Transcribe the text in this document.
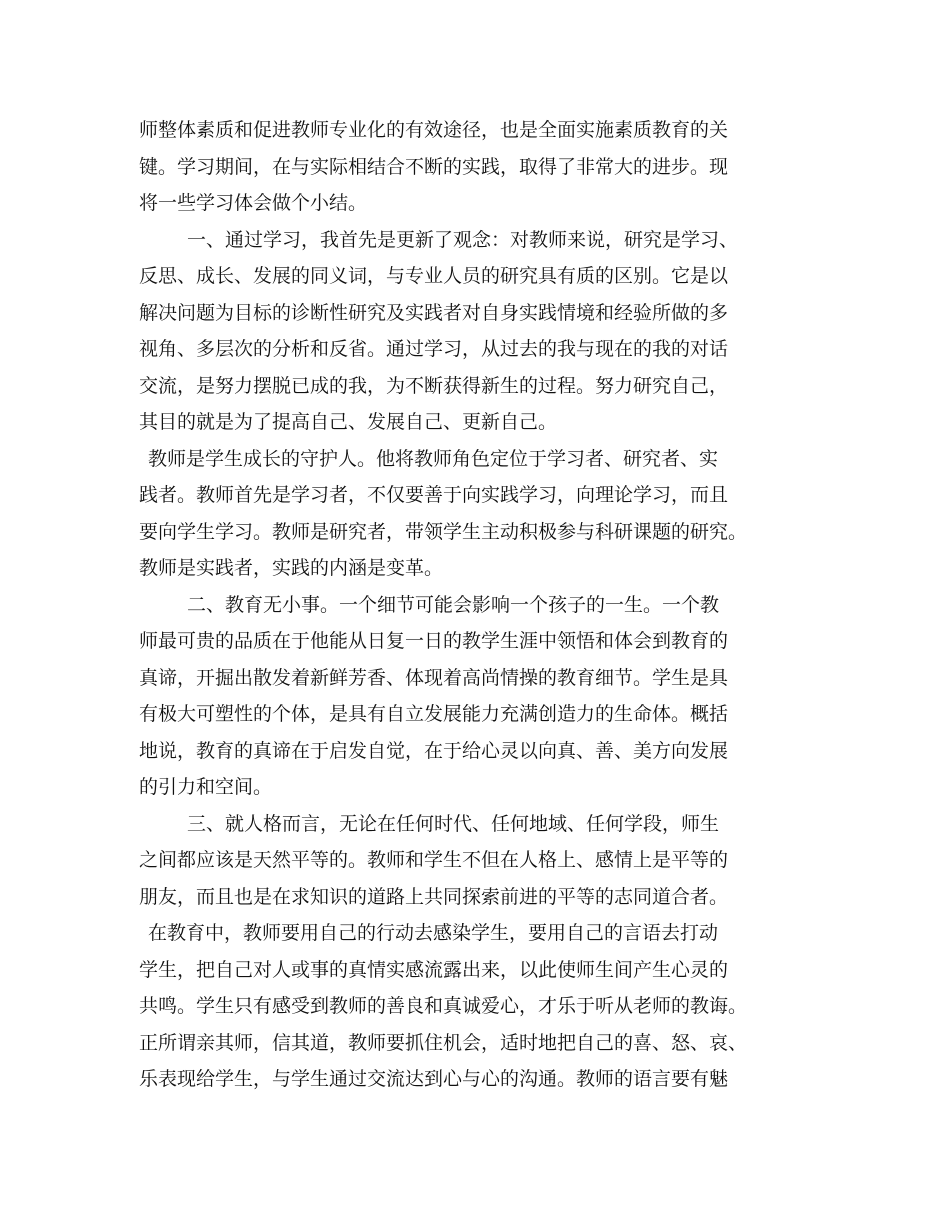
师整体素质和促进教师专业化的有效途径，也是全面实施素质教育的关
键。学习期间，在与实际相结合不断的实践，取得了非常大的进步。现
将一些学习体会做个小结。
一、通过学习，我首先是更新了观念：对教师来说，研究是学习、
反思、成长、发展的同义词，与专业人员的研究具有质的区别。它是以
解决问题为目标的诊断性研究及实践者对自身实践情境和经验所做的多
视角、多层次的分析和反省。通过学习，从过去的我与现在的我的对话
交流，是努力摆脱已成的我，为不断获得新生的过程。努力研究自己，
其目的就是为了提高自己、发展自己、更新自己。
教师是学生成长的守护人。他将教师角色定位于学习者、研究者、实
践者。教师首先是学习者，不仅要善于向实践学习，向理论学习，而且
要向学生学习。教师是研究者，带领学生主动积极参与科研课题的研究。
教师是实践者，实践的内涵是变革。
二、教育无小事。一个细节可能会影响一个孩子的一生。一个教
师最可贵的品质在于他能从日复一日的教学生涯中领悟和体会到教育的
真谛，开掘出散发着新鲜芳香、体现着高尚情操的教育细节。学生是具
有极大可塑性的个体，是具有自立发展能力充满创造力的生命体。概括
地说，教育的真谛在于启发自觉，在于给心灵以向真、善、美方向发展
的引力和空间。
三、就人格而言，无论在任何时代、任何地域、任何学段，师生
之间都应该是天然平等的。教师和学生不但在人格上、感情上是平等的
朋友，而且也是在求知识的道路上共同探索前进的平等的志同道合者。
在教育中，教师要用自己的行动去感染学生，要用自己的言语去打动
学生，把自己对人或事的真情实感流露出来，以此使师生间产生心灵的
共鸣。学生只有感受到教师的善良和真诚爱心，才乐于听从老师的教诲。
正所谓亲其师，信其道，教师要抓住机会，适时地把自己的喜、怒、哀、
乐表现给学生，与学生通过交流达到心与心的沟通。教师的语言要有魅
